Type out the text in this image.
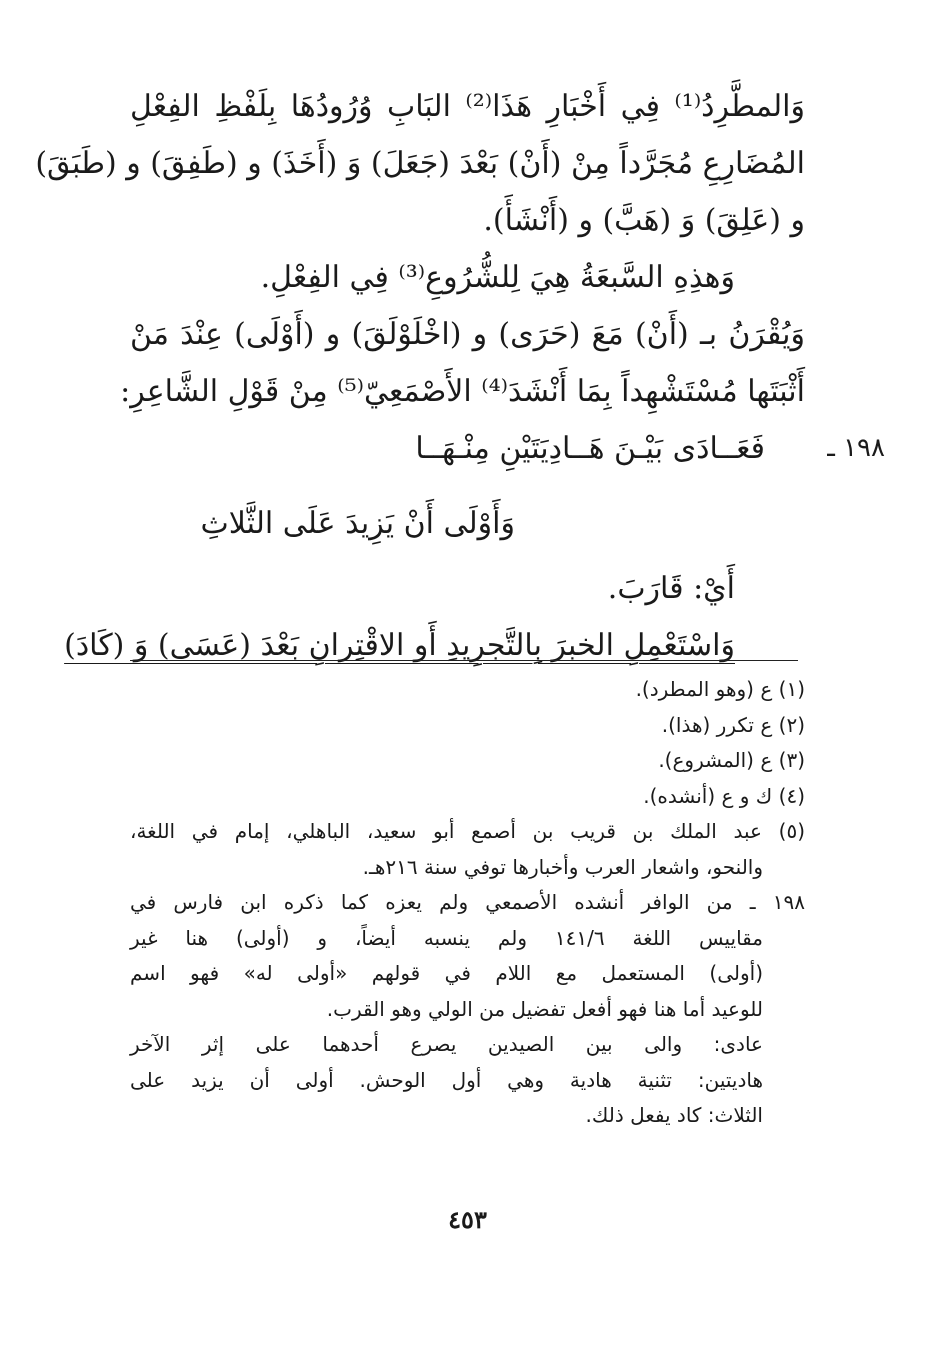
وَالمطَّرِدُ⁽¹⁾ فِي أَخْبَارِ هَذَا⁽²⁾ البَابِ وُرُودُهَا بِلَفْظِ الفِعْلِ
المُضَارِعِ مُجَرَّداً مِنْ (أَنْ) بَعْدَ (جَعَلَ) وَ (أَخَذَ) و (طَفِقَ) و (طَبَقَ)
و (عَلِقَ) وَ (هَبَّ) و (أَنْشَأَ).
وَهذِهِ السَّبعَةُ هِيَ لِلشُّرُوعِ⁽³⁾ فِي الفِعْلِ.
وَيُقْرَنُ بـ (أَنْ) مَعَ (حَرَى) و (اخْلَوْلَقَ) و (أَوْلَى) عِنْدَ مَنْ
أَثْبَتَها مُسْتَشْهِداً بِمَا أَنْشَدَ⁽⁴⁾ الأَصْمَعِيّ⁽⁵⁾ مِنْ قَوْلِ الشَّاعِرِ:
١٩٨ ـ
فَعَــادَى بَيْـنَ هَــادِيَتَيْنِ مِنْـهَــا
وَأَوْلَى أَنْ يَزِيدَ عَلَى الثَّلاثِ
أَيْ: قَارَبَ.
وَاسْتَعْمِلِ الخبرَ بِالتَّجرِيدِ أَو الاقْتِرانِ بَعْدَ (عَسَى) وَ (كَادَ)
(١) ع (وهو المطرد).
(٢) ع تكرر (هذا).
(٣) ع (المشروع).
(٤) ك و ع (أنشده).
(٥) عبد الملك بن قريب بن أصمع أبو سعيد، الباهلي، إمام في اللغة،
والنحو، واشعار العرب وأخبارها توفي سنة ٢١٦هـ.
١٩٨ ـ من الوافر أنشده الأصمعي ولم يعزه كما ذكره ابن فارس في
مقاييس اللغة ١٤١/٦ ولم ينسبه أيضاً، و (أولى) هنا غير
(أولى) المستعمل مع اللام في قولهم «أولى له» فهو اسم
للوعيد أما هنا فهو أفعل تفضيل من الولي وهو القرب.
عادى: والى بين الصيدين يصرع أحدهما على إثر الآخر
هاديتين: تثنية هادية وهي أول الوحش. أولى أن يزيد على
الثلاث: كاد يفعل ذلك.
٤٥٣
